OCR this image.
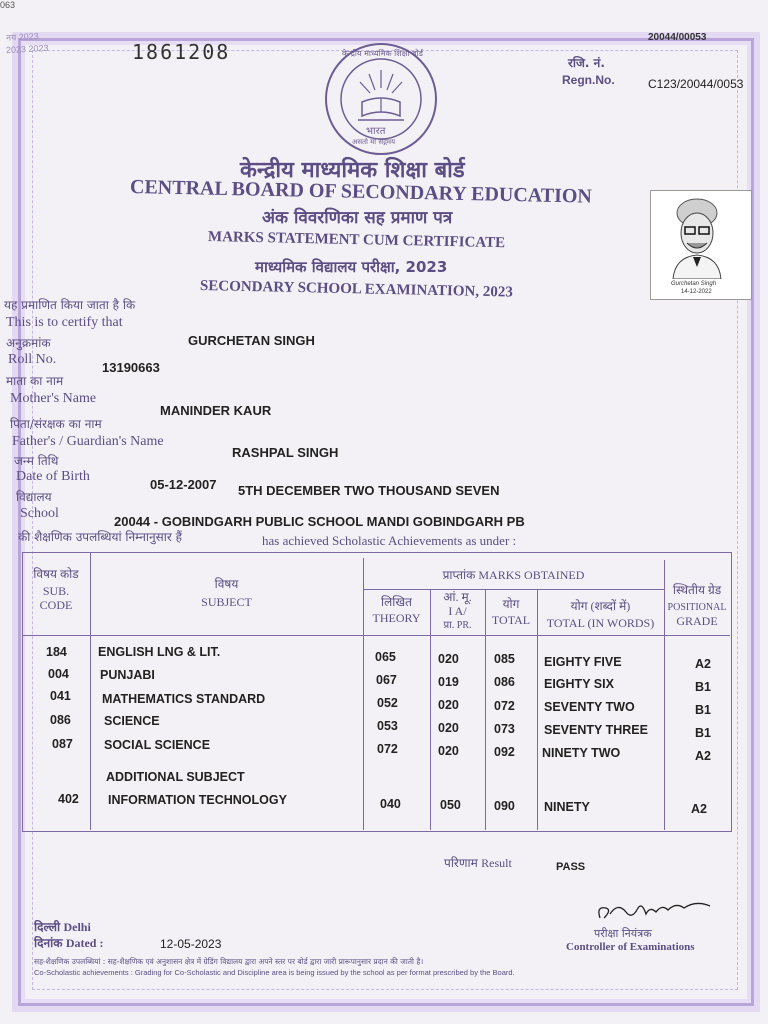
063
नय 2023
2023 2023	1861208
20044/00053
रजि. नं.
Regn.No.	C123/20044/0053
केन्द्रीय माध्यमिक शिक्षा बोर्ड
भारत
असतो मा सद्गमय
केन्द्रीय माध्यमिक शिक्षा बोर्ड
CENTRAL BOARD OF SECONDARY EDUCATION
अंक विवरणिका सह प्रमाण पत्र
MARKS STATEMENT CUM CERTIFICATE
माध्यमिक विद्यालय परीक्षा, 2023
SECONDARY SCHOOL EXAMINATION, 2023	Gurchetan Singh
14-12-2022
यह प्रमाणित किया जाता है कि
This is to certify that
GURCHETAN SINGH
अनुक्रमांक
Roll No.
13190663
माता का नाम
Mother's Name
MANINDER KAUR
पिता/संरक्षक का नाम
Father's / Guardian's Name
RASHPAL SINGH
जन्म तिथि
Date of Birth
05-12-2007 5TH DECEMBER TWO THOUSAND SEVEN
विद्यालय
School
20044 - GOBINDGARH PUBLIC SCHOOL MANDI GOBINDGARH PB
की शैक्षणिक उपलब्धियां निम्नानुसार हैं	has achieved Scholastic Achievements as under :
विषय कोड
SUB.
CODE
विषय
SUBJECT
प्राप्तांक MARKS OBTAINED
लिखित
THEORY
आं. मू.
I A/
प्रा. PR.
योग
TOTAL
योग (शब्दों में)
TOTAL (IN WORDS)
स्थितीय ग्रेड
POSITIONAL
GRADE
184 ENGLISH LNG & LIT.	065	020	085 EIGHTY FIVE	A2
004 PUNJABI	067	019	086 EIGHTY SIX	B1
041 MATHEMATICS STANDARD	052	020	072 SEVENTY TWO	B1
086	SCIENCE	053	020	073 SEVENTY THREE	B1
087 SOCIAL SCIENCE	072	020	092 NINETY TWO	A2
ADDITIONAL SUBJECT
402 INFORMATION TECHNOLOGY	040	050	090 NINETY	A2
परिणाम Result	PASS
दिल्ली Delhi
दिनांक Dated :	12-05-2023
परीक्षा नियंत्रक
Controller of Examinations
सह-शैक्षणिक उपलब्धियां : सह-शैक्षणिक एवं अनुशासन क्षेत्र में ग्रेडिंग विद्यालय द्वारा अपने स्तर पर बोर्ड द्वारा जारी प्रारूपानुसार प्रदान की जाती है।
Co-Scholastic achievements : Grading for Co-Scholastic and Discipline area is being issued by the school as per format prescribed by the Board.
